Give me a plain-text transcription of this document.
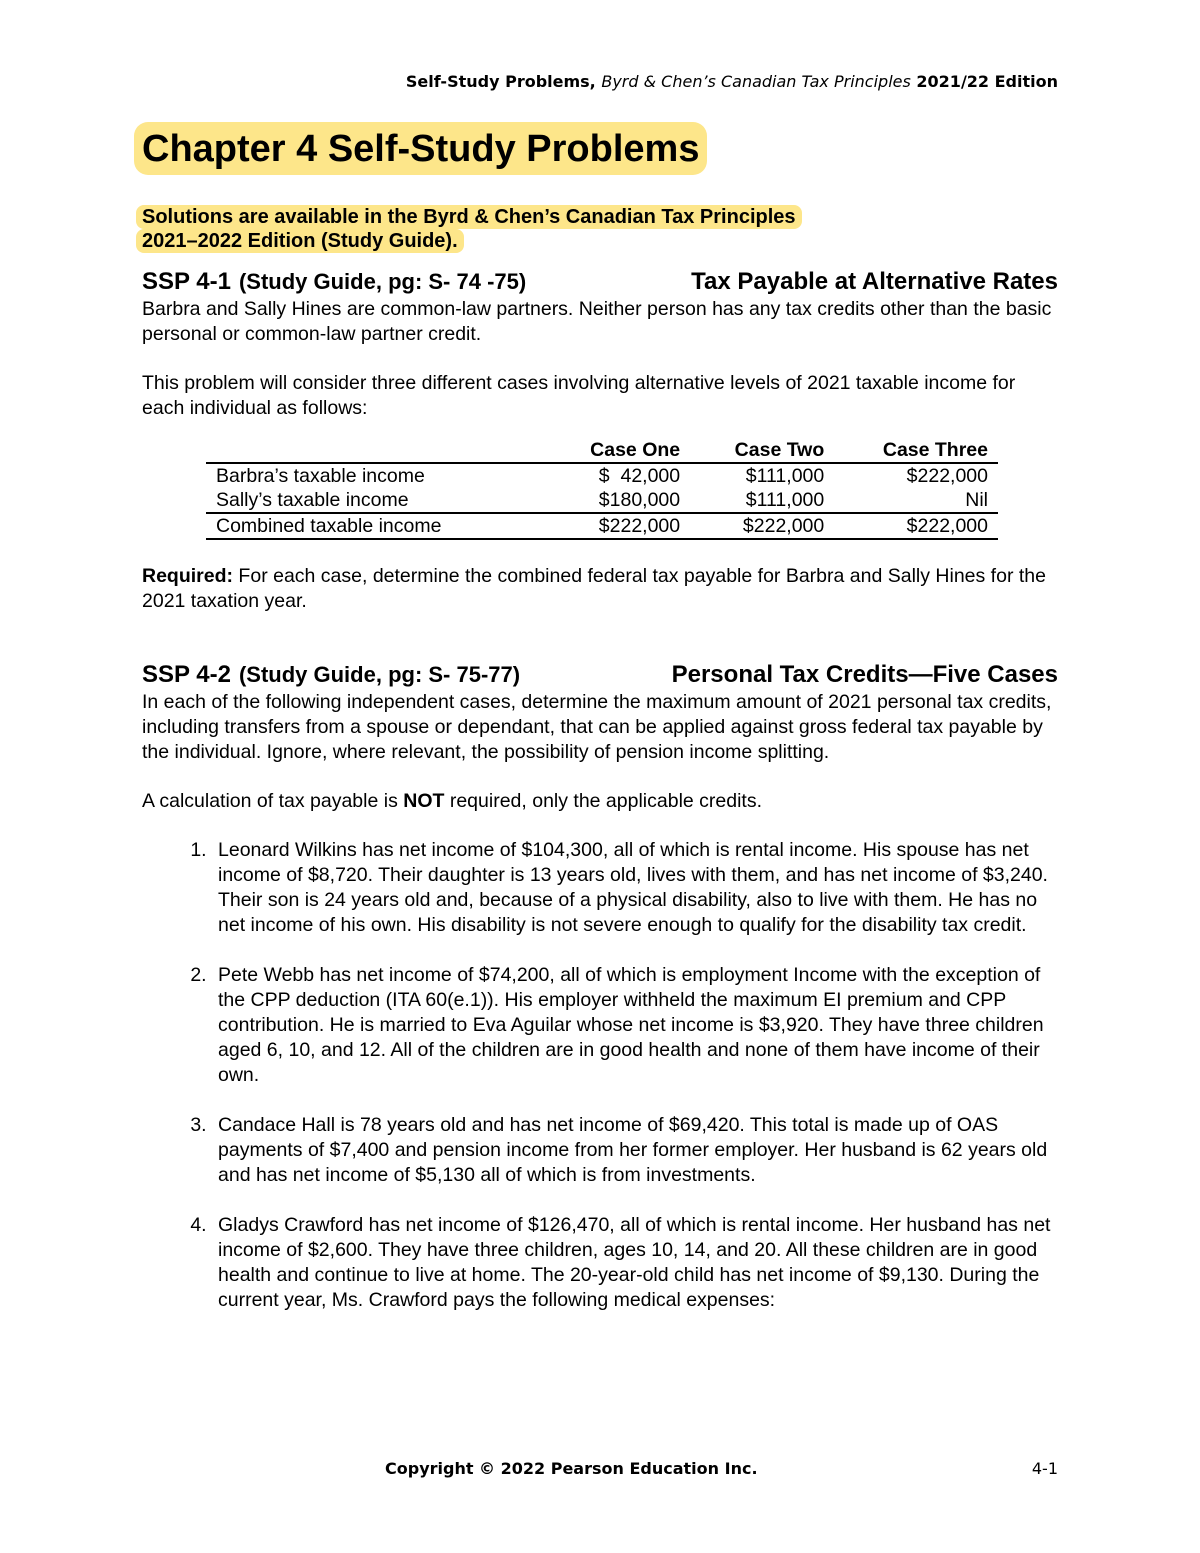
Self-Study Problems, Byrd & Chen’s Canadian Tax Principles 2021/22 Edition
Chapter 4 Self-Study Problems
Solutions are available in the Byrd & Chen’s Canadian Tax Principles
2021–2022 Edition (Study Guide).
SSP 4-1 (Study Guide, pg: S- 74 -75)	Tax Payable at Alternative Rates

Barbra and Sally Hines are common-law partners. Neither person has any tax credits other than the basic personal or common-law partner credit.

This problem will consider three different cases involving alternative levels of 2021 taxable income for each individual as follows:

	Case One	Case Two	Case Three
Barbra’s taxable income	$  42,000	$111,000	$222,000
Sally’s taxable income	$180,000	$111,000	Nil
Combined taxable income	$222,000	$222,000	$222,000

Required: For each case, determine the combined federal tax payable for Barbra and Sally Hines for the 2021 taxation year.

SSP 4-2 (Study Guide, pg: S- 75-77)	Personal Tax Credits—Five Cases

In each of the following independent cases, determine the maximum amount of 2021 personal tax credits, including transfers from a spouse or dependant, that can be applied against gross federal tax payable by the individual. Ignore, where relevant, the possibility of pension income splitting.

A calculation of tax payable is NOT required, only the applicable credits.

1. Leonard Wilkins has net income of $104,300, all of which is rental income. His spouse has net income of $8,720. Their daughter is 13 years old, lives with them, and has net income of $3,240. Their son is 24 years old and, because of a physical disability, also to live with them. He has no net income of his own. His disability is not severe enough to qualify for the disability tax credit.
2. Pete Webb has net income of $74,200, all of which is employment Income with the exception of the CPP deduction (ITA 60(e.1)). His employer withheld the maximum EI premium and CPP contribution. He is married to Eva Aguilar whose net income is $3,920. They have three children aged 6, 10, and 12. All of the children are in good health and none of them have income of their own.
3. Candace Hall is 78 years old and has net income of $69,420. This total is made up of OAS payments of $7,400 and pension income from her former employer. Her husband is 62 years old and has net income of $5,130 all of which is from investments.
4. Gladys Crawford has net income of $126,470, all of which is rental income. Her husband has net income of $2,600. They have three children, ages 10, 14, and 20. All these children are in good health and continue to live at home. The 20-year-old child has net income of $9,130. During the current year, Ms. Crawford pays the following medical expenses:
Copyright © 2022 Pearson Education Inc.	4-1
